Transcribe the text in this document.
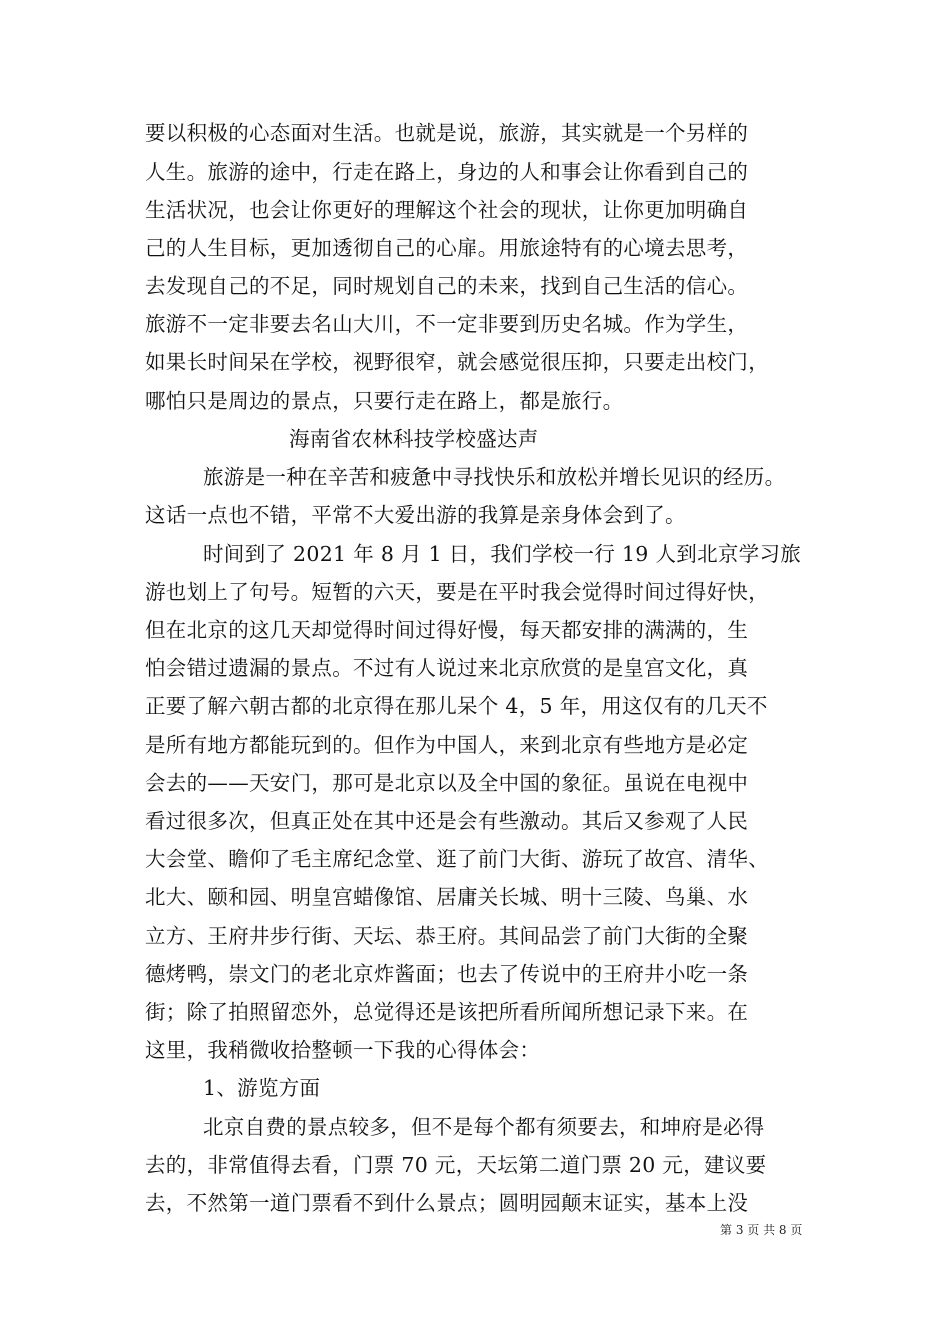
要以积极的心态面对生活。也就是说，旅游，其实就是一个另样的
人生。旅游的途中，行走在路上，身边的人和事会让你看到自己的
生活状况，也会让你更好的理解这个社会的现状，让你更加明确自
己的人生目标，更加透彻自己的心扉。用旅途特有的心境去思考，
去发现自己的不足，同时规划自己的未来，找到自己生活的信心。
旅游不一定非要去名山大川，不一定非要到历史名城。作为学生，
如果长时间呆在学校，视野很窄，就会感觉很压抑，只要走出校门，
哪怕只是周边的景点，只要行走在路上，都是旅行。
海南省农林科技学校盛达声
旅游是一种在辛苦和疲惫中寻找快乐和放松并增长见识的经历。
这话一点也不错，平常不大爱出游的我算是亲身体会到了。
时间到了 2021 年 8 月 1 日，我们学校一行 19 人到北京学习旅
游也划上了句号。短暂的六天，要是在平时我会觉得时间过得好快，
但在北京的这几天却觉得时间过得好慢，每天都安排的满满的，生
怕会错过遗漏的景点。不过有人说过来北京欣赏的是皇宫文化，真
正要了解六朝古都的北京得在那儿呆个 4，5 年，用这仅有的几天不
是所有地方都能玩到的。但作为中国人，来到北京有些地方是必定
会去的——天安门，那可是北京以及全中国的象征。虽说在电视中
看过很多次，但真正处在其中还是会有些激动。其后又参观了人民
大会堂、瞻仰了毛主席纪念堂、逛了前门大街、游玩了故宫、清华、
北大、颐和园、明皇宫蜡像馆、居庸关长城、明十三陵、鸟巢、水
立方、王府井步行街、天坛、恭王府。其间品尝了前门大街的全聚
德烤鸭，崇文门的老北京炸酱面；也去了传说中的王府井小吃一条
街；除了拍照留恋外，总觉得还是该把所看所闻所想记录下来。在
这里，我稍微收拾整顿一下我的心得体会：
1、游览方面
北京自费的景点较多，但不是每个都有须要去，和坤府是必得
去的，非常值得去看，门票 70 元，天坛第二道门票 20 元，建议要
去，不然第一道门票看不到什么景点；圆明园颠末证实，基本上没
第 3 页 共 8 页
